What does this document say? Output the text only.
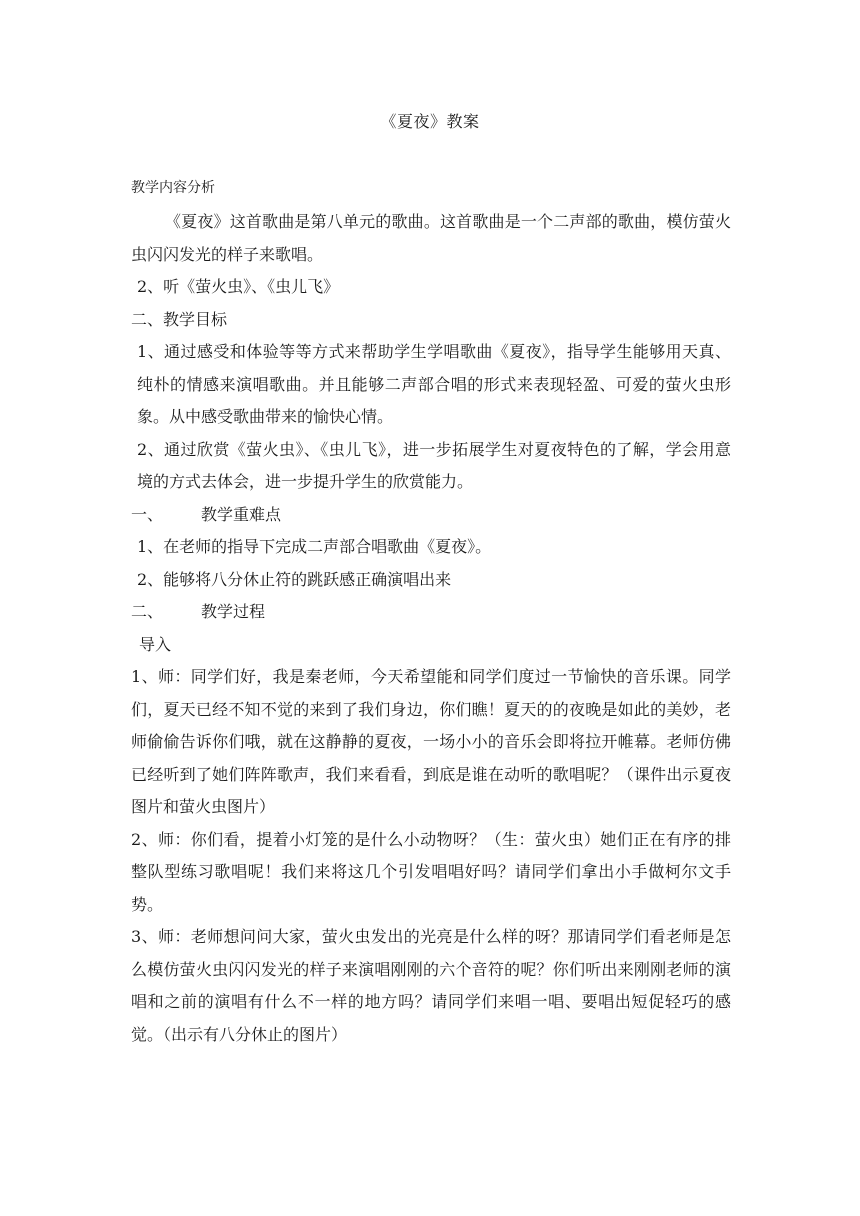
《夏夜》教案

教学内容分析

《夏夜》这首歌曲是第八单元的歌曲。这首歌曲是一个二声部的歌曲，模仿萤火虫闪闪发光的样子来歌唱。

2、听《萤火虫》、《虫儿飞》

二、教学目标

1、通过感受和体验等等方式来帮助学生学唱歌曲《夏夜》，指导学生能够用天真、纯朴的情感来演唱歌曲。并且能够二声部合唱的形式来表现轻盈、可爱的萤火虫形象。从中感受歌曲带来的愉快心情。

2、通过欣赏《萤火虫》、《虫儿飞》，进一步拓展学生对夏夜特色的了解，学会用意境的方式去体会，进一步提升学生的欣赏能力。

一、	教学重难点

1、在老师的指导下完成二声部合唱歌曲《夏夜》。

2、能够将八分休止符的跳跃感正确演唱出来

二、	教学过程

导入

1、师：同学们好，我是秦老师，今天希望能和同学们度过一节愉快的音乐课。同学们，夏天已经不知不觉的来到了我们身边，你们瞧！夏天的的夜晚是如此的美妙，老师偷偷告诉你们哦，就在这静静的夏夜，一场小小的音乐会即将拉开帷幕。老师仿佛已经听到了她们阵阵歌声，我们来看看，到底是谁在动听的歌唱呢？（课件出示夏夜图片和萤火虫图片）

2、师：你们看，提着小灯笼的是什么小动物呀？（生：萤火虫）她们正在有序的排整队型练习歌唱呢！我们来将这几个引发唱唱好吗？请同学们拿出小手做柯尔文手势。

3、师：老师想问问大家，萤火虫发出的光亮是什么样的呀？那请同学们看老师是怎么模仿萤火虫闪闪发光的样子来演唱刚刚的六个音符的呢？你们听出来刚刚老师的演唱和之前的演唱有什么不一样的地方吗？请同学们来唱一唱、要唱出短促轻巧的感觉。（出示有八分休止的图片）
